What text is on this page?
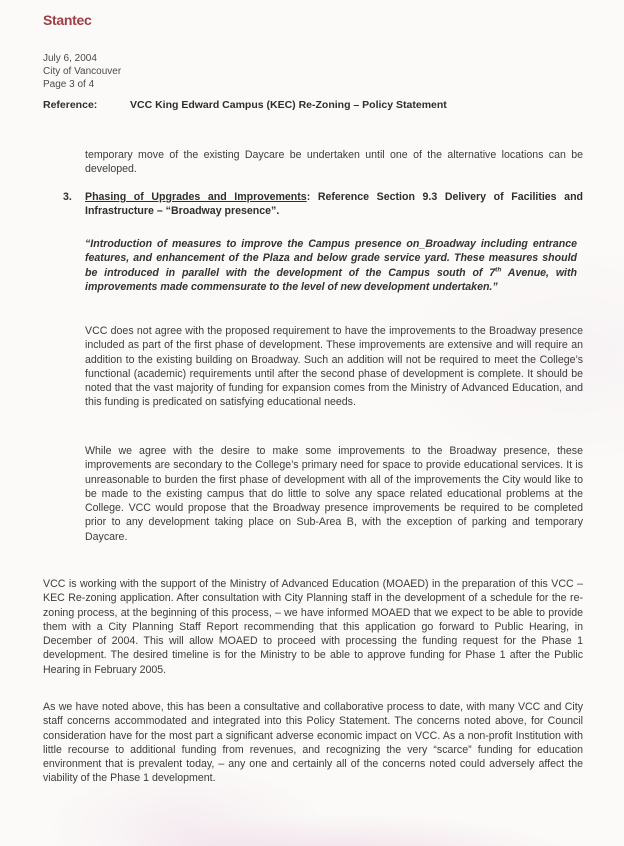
Stantec
July 6, 2004
City of Vancouver
Page 3 of 4
Reference:	VCC King Edward Campus (KEC) Re-Zoning – Policy Statement
temporary move of the existing Daycare be undertaken until one of the alternative locations can be developed.
3. Phasing of Upgrades and Improvements: Reference Section 9.3 Delivery of Facilities and Infrastructure – “Broadway presence”.
“Introduction of measures to improve the Campus presence on_Broadway including entrance features, and enhancement of the Plaza and below grade service yard. These measures should be introduced in parallel with the development of the Campus south of 7th Avenue, with improvements made commensurate to the level of new development undertaken.”
VCC does not agree with the proposed requirement to have the improvements to the Broadway presence included as part of the first phase of development. These improvements are extensive and will require an addition to the existing building on Broadway. Such an addition will not be required to meet the College’s functional (academic) requirements until after the second phase of development is complete. It should be noted that the vast majority of funding for expansion comes from the Ministry of Advanced Education, and this funding is predicated on satisfying educational needs.
While we agree with the desire to make some improvements to the Broadway presence, these improvements are secondary to the College’s primary need for space to provide educational services. It is unreasonable to burden the first phase of development with all of the improvements the City would like to be made to the existing campus that do little to solve any space related educational problems at the College. VCC would propose that the Broadway presence improvements be required to be completed prior to any development taking place on Sub-Area B, with the exception of parking and temporary Daycare.
VCC is working with the support of the Ministry of Advanced Education (MOAED) in the preparation of this VCC – KEC Re-zoning application. After consultation with City Planning staff in the development of a schedule for the re-zoning process, at the beginning of this process, – we have informed MOAED that we expect to be able to provide them with a City Planning Staff Report recommending that this application go forward to Public Hearing, in December of 2004. This will allow MOAED to proceed with processing the funding request for the Phase 1 development. The desired timeline is for the Ministry to be able to approve funding for Phase 1 after the Public Hearing in February 2005.
As we have noted above, this has been a consultative and collaborative process to date, with many VCC and City staff concerns accommodated and integrated into this Policy Statement. The concerns noted above, for Council consideration have for the most part a significant adverse economic impact on VCC. As a non-profit Institution with little recourse to additional funding from revenues, and recognizing the very “scarce” funding for education environment that is prevalent today, – any one and certainly all of the concerns noted could adversely affect the viability of the Phase 1 development.
